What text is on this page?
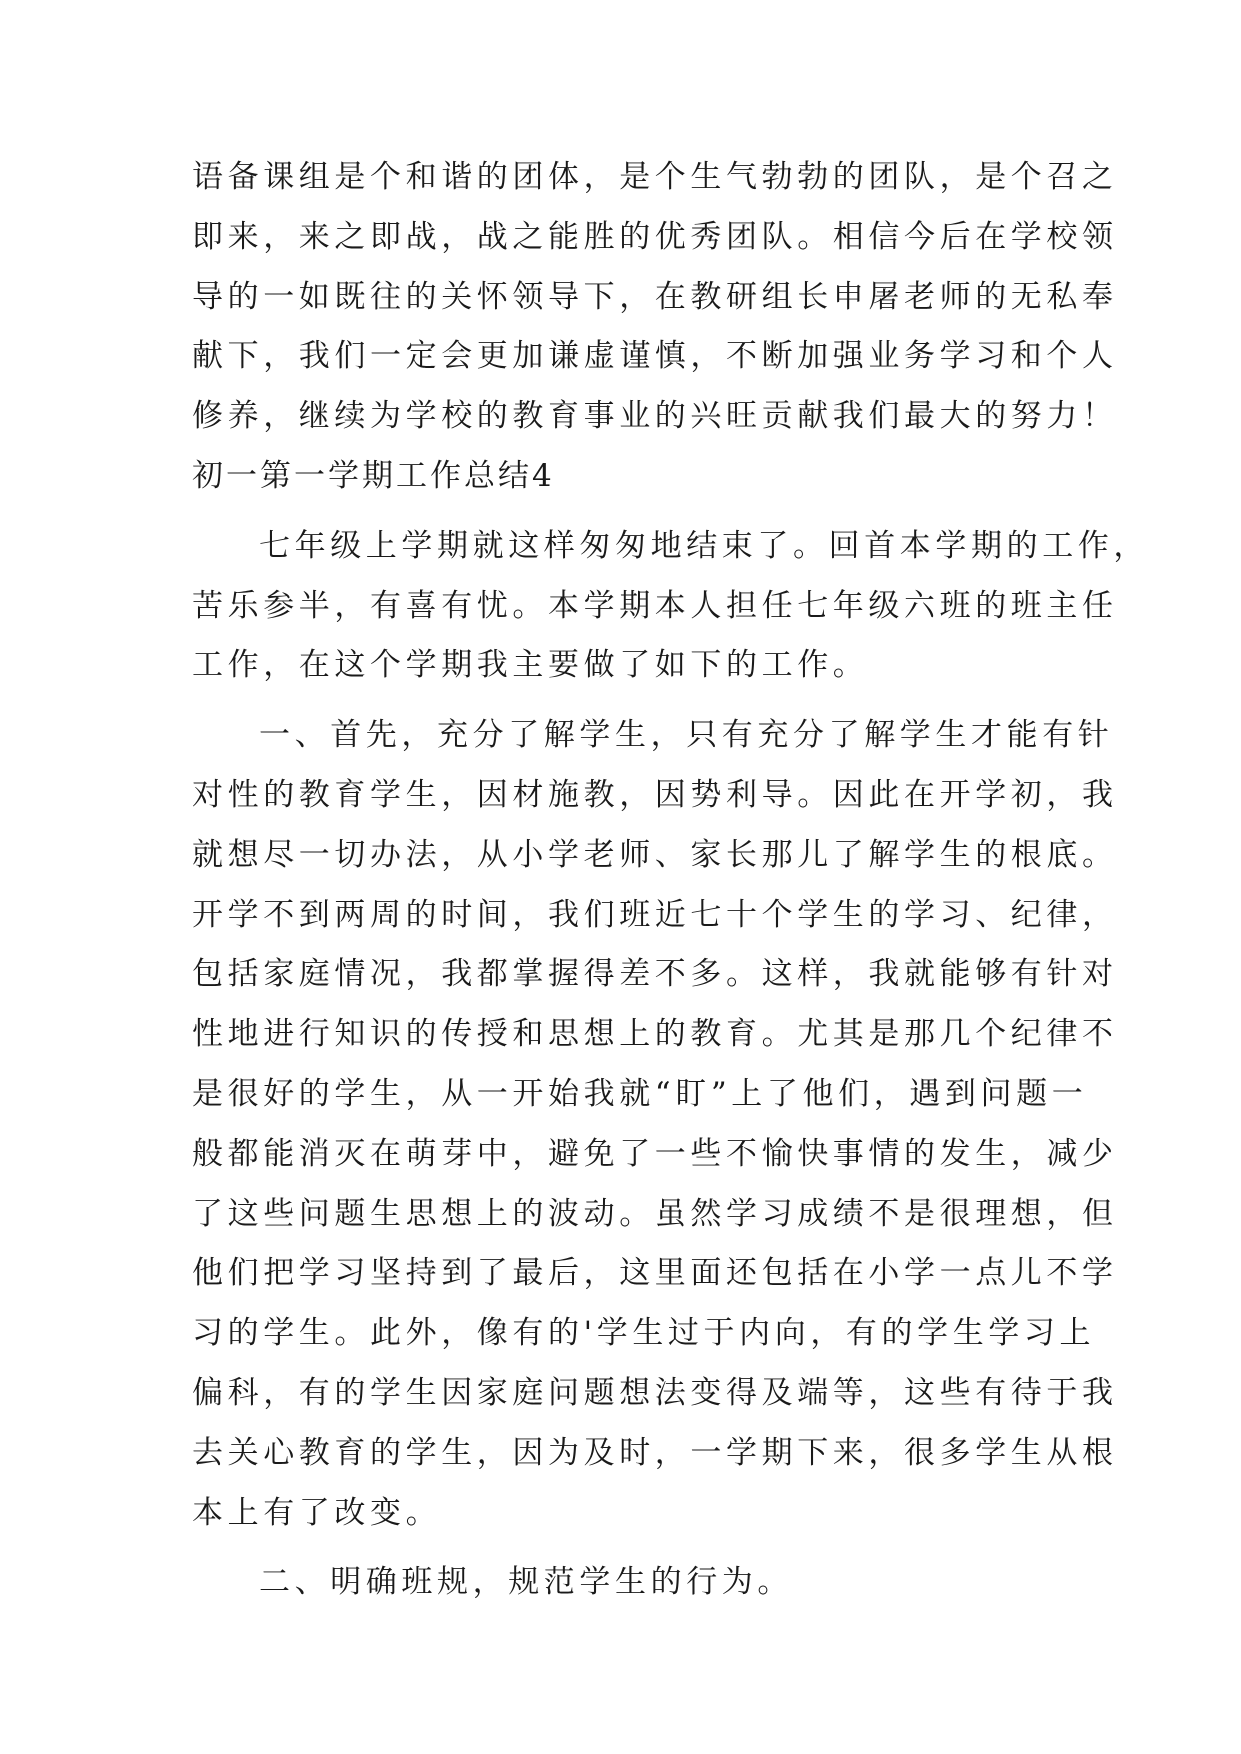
语备课组是个和谐的团体，是个生气勃勃的团队，是个召之
即来，来之即战，战之能胜的优秀团队。相信今后在学校领
导的一如既往的关怀领导下，在教研组长申屠老师的无私奉
献下，我们一定会更加谦虚谨慎，不断加强业务学习和个人
修养，继续为学校的教育事业的兴旺贡献我们最大的努力！
初一第一学期工作总结4
七年级上学期就这样匆匆地结束了。回首本学期的工作，
苦乐参半，有喜有忧。本学期本人担任七年级六班的班主任
工作，在这个学期我主要做了如下的工作。
一、首先，充分了解学生，只有充分了解学生才能有针
对性的教育学生，因材施教，因势利导。因此在开学初，我
就想尽一切办法，从小学老师、家长那儿了解学生的根底。
开学不到两周的时间，我们班近七十个学生的学习、纪律，
包括家庭情况，我都掌握得差不多。这样，我就能够有针对
性地进行知识的传授和思想上的教育。尤其是那几个纪律不
是很好的学生，从一开始我就“盯”上了他们，遇到问题一
般都能消灭在萌芽中，避免了一些不愉快事情的发生，减少
了这些问题生思想上的波动。虽然学习成绩不是很理想，但
他们把学习坚持到了最后，这里面还包括在小学一点儿不学
习的学生。此外，像有的'学生过于内向，有的学生学习上
偏科，有的学生因家庭问题想法变得及端等，这些有待于我
去关心教育的学生，因为及时，一学期下来，很多学生从根
本上有了改变。
二、明确班规，规范学生的行为。
